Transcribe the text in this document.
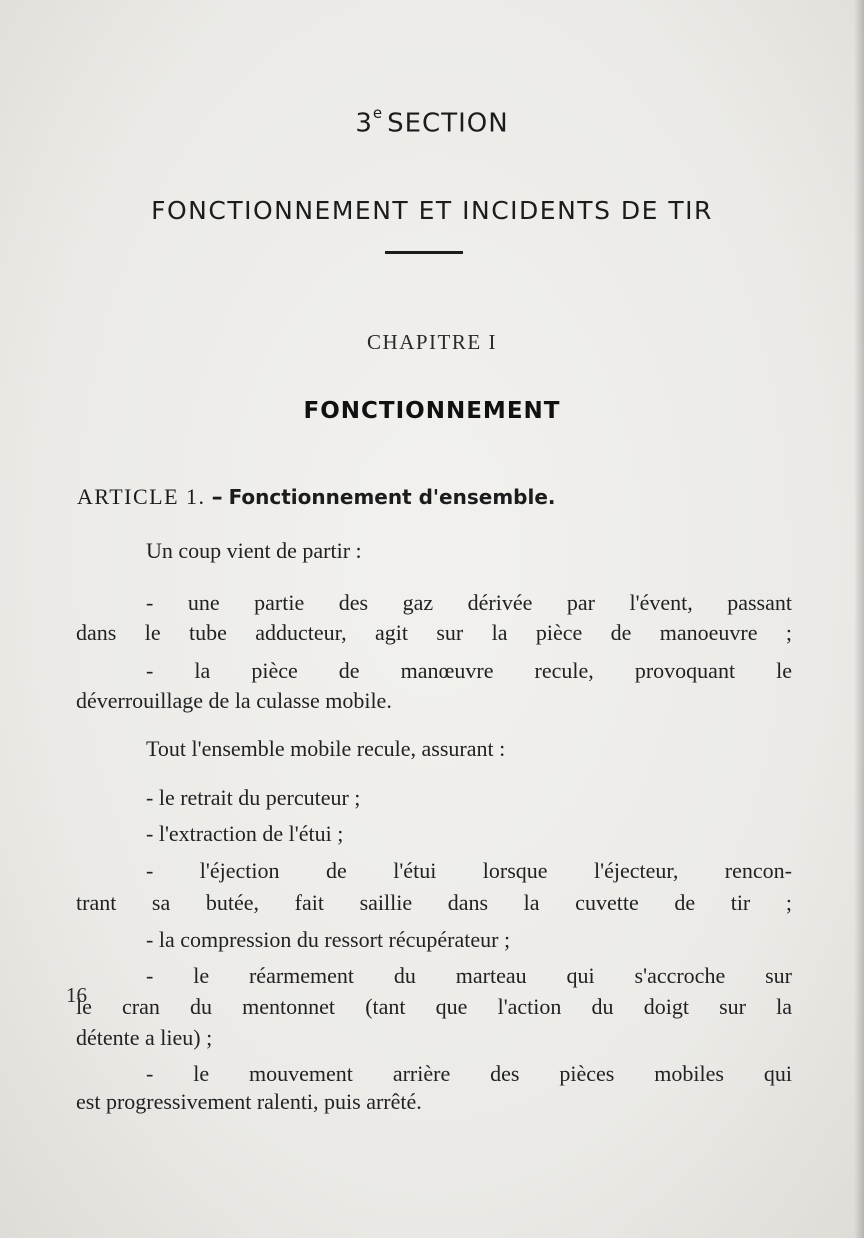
3e SECTION
FONCTIONNEMENT ET INCIDENTS DE TIR
CHAPITRE I
FONCTIONNEMENT
ARTICLE 1. – Fonctionnement d'ensemble.
Un coup vient de partir :
- une partie des gaz dérivée par l'évent, passant
dans le tube adducteur, agit sur la pièce de manoeuvre ;
- la pièce de manœuvre recule, provoquant le
déverrouillage de la culasse mobile.
Tout l'ensemble mobile recule, assurant :
- le retrait du percuteur ;
- l'extraction de l'étui ;
- l'éjection de l'étui lorsque l'éjecteur, rencon-
trant sa butée, fait saillie dans la cuvette de tir ;
- la compression du ressort récupérateur ;
- le réarmement du marteau qui s'accroche sur
le cran du mentonnet (tant que l'action du doigt sur la
détente a lieu) ;
- le mouvement arrière des pièces mobiles qui
est progressivement ralenti, puis arrêté.
16
